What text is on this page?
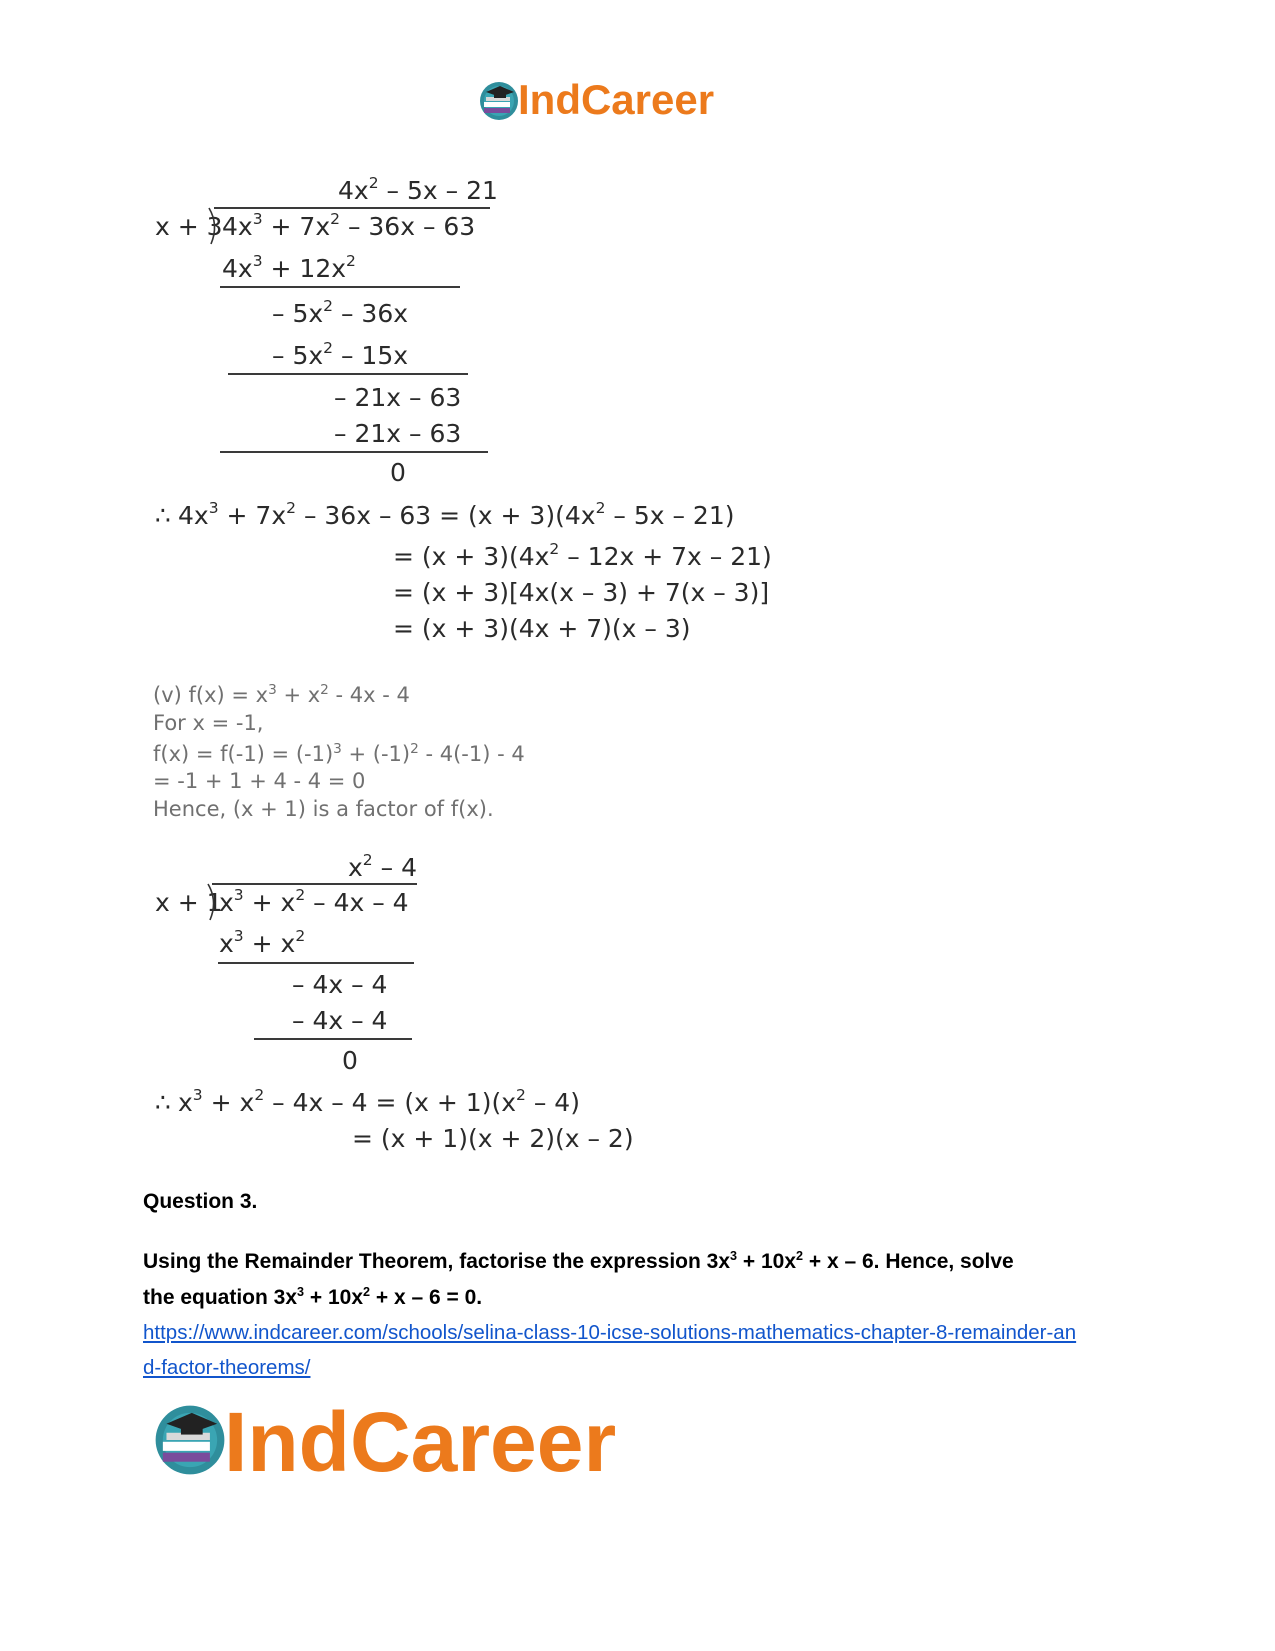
IndCareer
$4x^2 - 5x - 21$
x + 3 $4x^3 + 7x^2 - 36x - 63$
$4x^3 + 12x^2$
– $5x^2 - 36x$
– $5x^2 - 15x$
– 21x – 63
– 21x – 63
0
∴ $4x^3 + 7x^2 - 36x - 63 = (x + 3)(4x^2 - 5x - 21)$
= $(x + 3)(4x^2 - 12x + 7x - 21)$
= (x + 3)[4x(x – 3) + 7(x – 3)]
= (x + 3)(4x + 7)(x – 3)
(v) $f(x) = x^3 + x^2 - 4x - 4$
For x = -1,
$f(x) = f(-1) = (-1)^3 + (-1)^2 - 4(-1) - 4$
= -1 + 1 + 4 - 4 = 0
Hence, (x + 1) is a factor of f(x).
$x^2 - 4$
x + 1
$x^3 + x^2 - 4x - 4$
$x^3 + x^2$
– 4x – 4
– 4x – 4
0
∴ $x^3 + x^2 - 4x - 4 = (x + 1)(x^2 - 4)$
= (x + 1)(x + 2)(x – 2)
Question 3.
Using the Remainder Theorem, factorise the expression $3x^3 + 10x^2 + x - 6$. Hence, solve
the equation $3x^3 + 10x^2 + x - 6 = 0$.
https://www.indcareer.com/schools/selina-class-10-icse-solutions-mathematics-chapter-8-remainder-and-factor-theorems/
IndCareer
